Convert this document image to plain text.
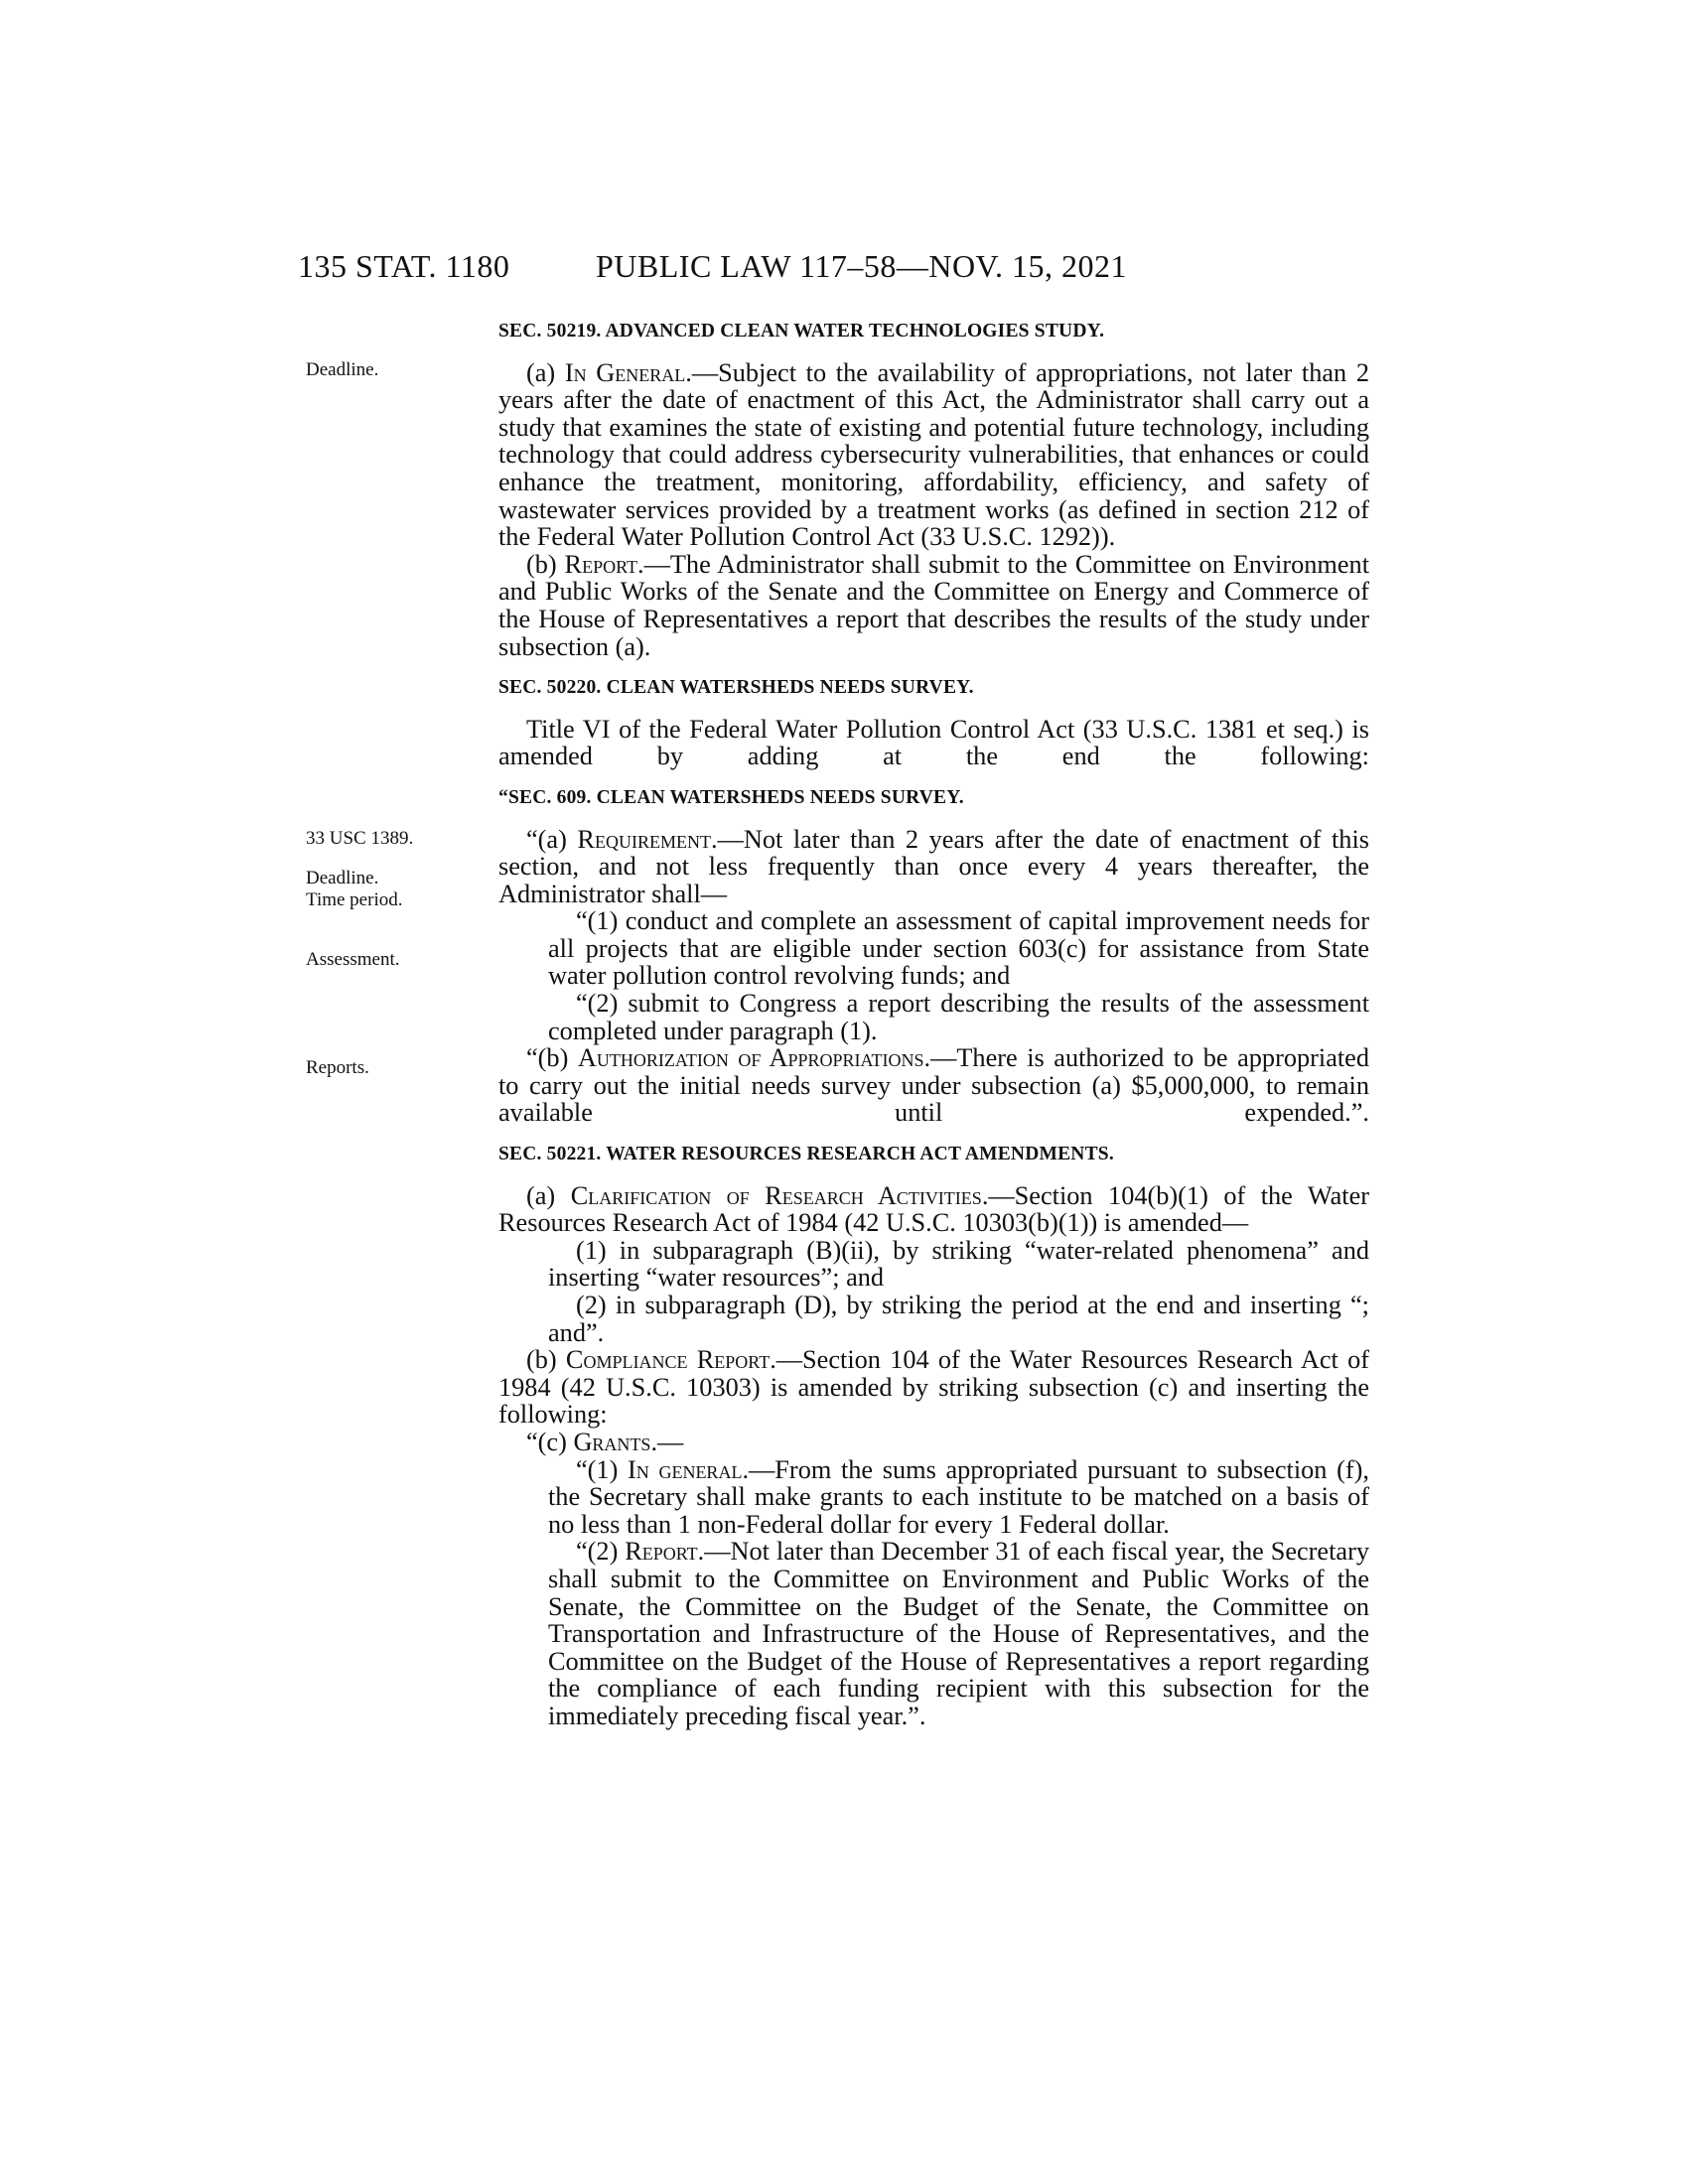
135 STAT. 1180	PUBLIC LAW 117–58—NOV. 15, 2021
Deadline.
33 USC 1389.
Deadline.
Time period.
Assessment.
Reports.

SEC. 50219. ADVANCED CLEAN WATER TECHNOLOGIES STUDY.

(a) In General.—Subject to the availability of appropriations, not later than 2 years after the date of enactment of this Act, the Administrator shall carry out a study that examines the state of existing and potential future technology, including technology that could address cybersecurity vulnerabilities, that enhances or could enhance the treatment, monitoring, affordability, efficiency, and safety of wastewater services provided by a treatment works (as defined in section 212 of the Federal Water Pollution Control Act (33 U.S.C. 1292)).

(b) Report.—The Administrator shall submit to the Committee on Environment and Public Works of the Senate and the Committee on Energy and Commerce of the House of Representatives a report that describes the results of the study under subsection (a).

SEC. 50220. CLEAN WATERSHEDS NEEDS SURVEY.

Title VI of the Federal Water Pollution Control Act (33 U.S.C. 1381 et seq.) is amended by adding at the end the following:

“SEC. 609. CLEAN WATERSHEDS NEEDS SURVEY.

“(a) Requirement.—Not later than 2 years after the date of enactment of this section, and not less frequently than once every 4 years thereafter, the Administrator shall—

“(1) conduct and complete an assessment of capital improvement needs for all projects that are eligible under section 603(c) for assistance from State water pollution control revolving funds; and

“(2) submit to Congress a report describing the results of the assessment completed under paragraph (1).

“(b) Authorization of Appropriations.—There is authorized to be appropriated to carry out the initial needs survey under subsection (a) $5,000,000, to remain available until expended.”.

SEC. 50221. WATER RESOURCES RESEARCH ACT AMENDMENTS.

(a) Clarification of Research Activities.—Section 104(b)(1) of the Water Resources Research Act of 1984 (42 U.S.C. 10303(b)(1)) is amended—

(1) in subparagraph (B)(ii), by striking “water-related phenomena” and inserting “water resources”; and

(2) in subparagraph (D), by striking the period at the end and inserting “; and”.

(b) Compliance Report.—Section 104 of the Water Resources Research Act of 1984 (42 U.S.C. 10303) is amended by striking subsection (c) and inserting the following:

“(c) Grants.—

“(1) In general.—From the sums appropriated pursuant to subsection (f), the Secretary shall make grants to each institute to be matched on a basis of no less than 1 non-Federal dollar for every 1 Federal dollar.

“(2) Report.—Not later than December 31 of each fiscal year, the Secretary shall submit to the Committee on Environment and Public Works of the Senate, the Committee on the Budget of the Senate, the Committee on Transportation and Infrastructure of the House of Representatives, and the Committee on the Budget of the House of Representatives a report regarding the compliance of each funding recipient with this subsection for the immediately preceding fiscal year.”.
